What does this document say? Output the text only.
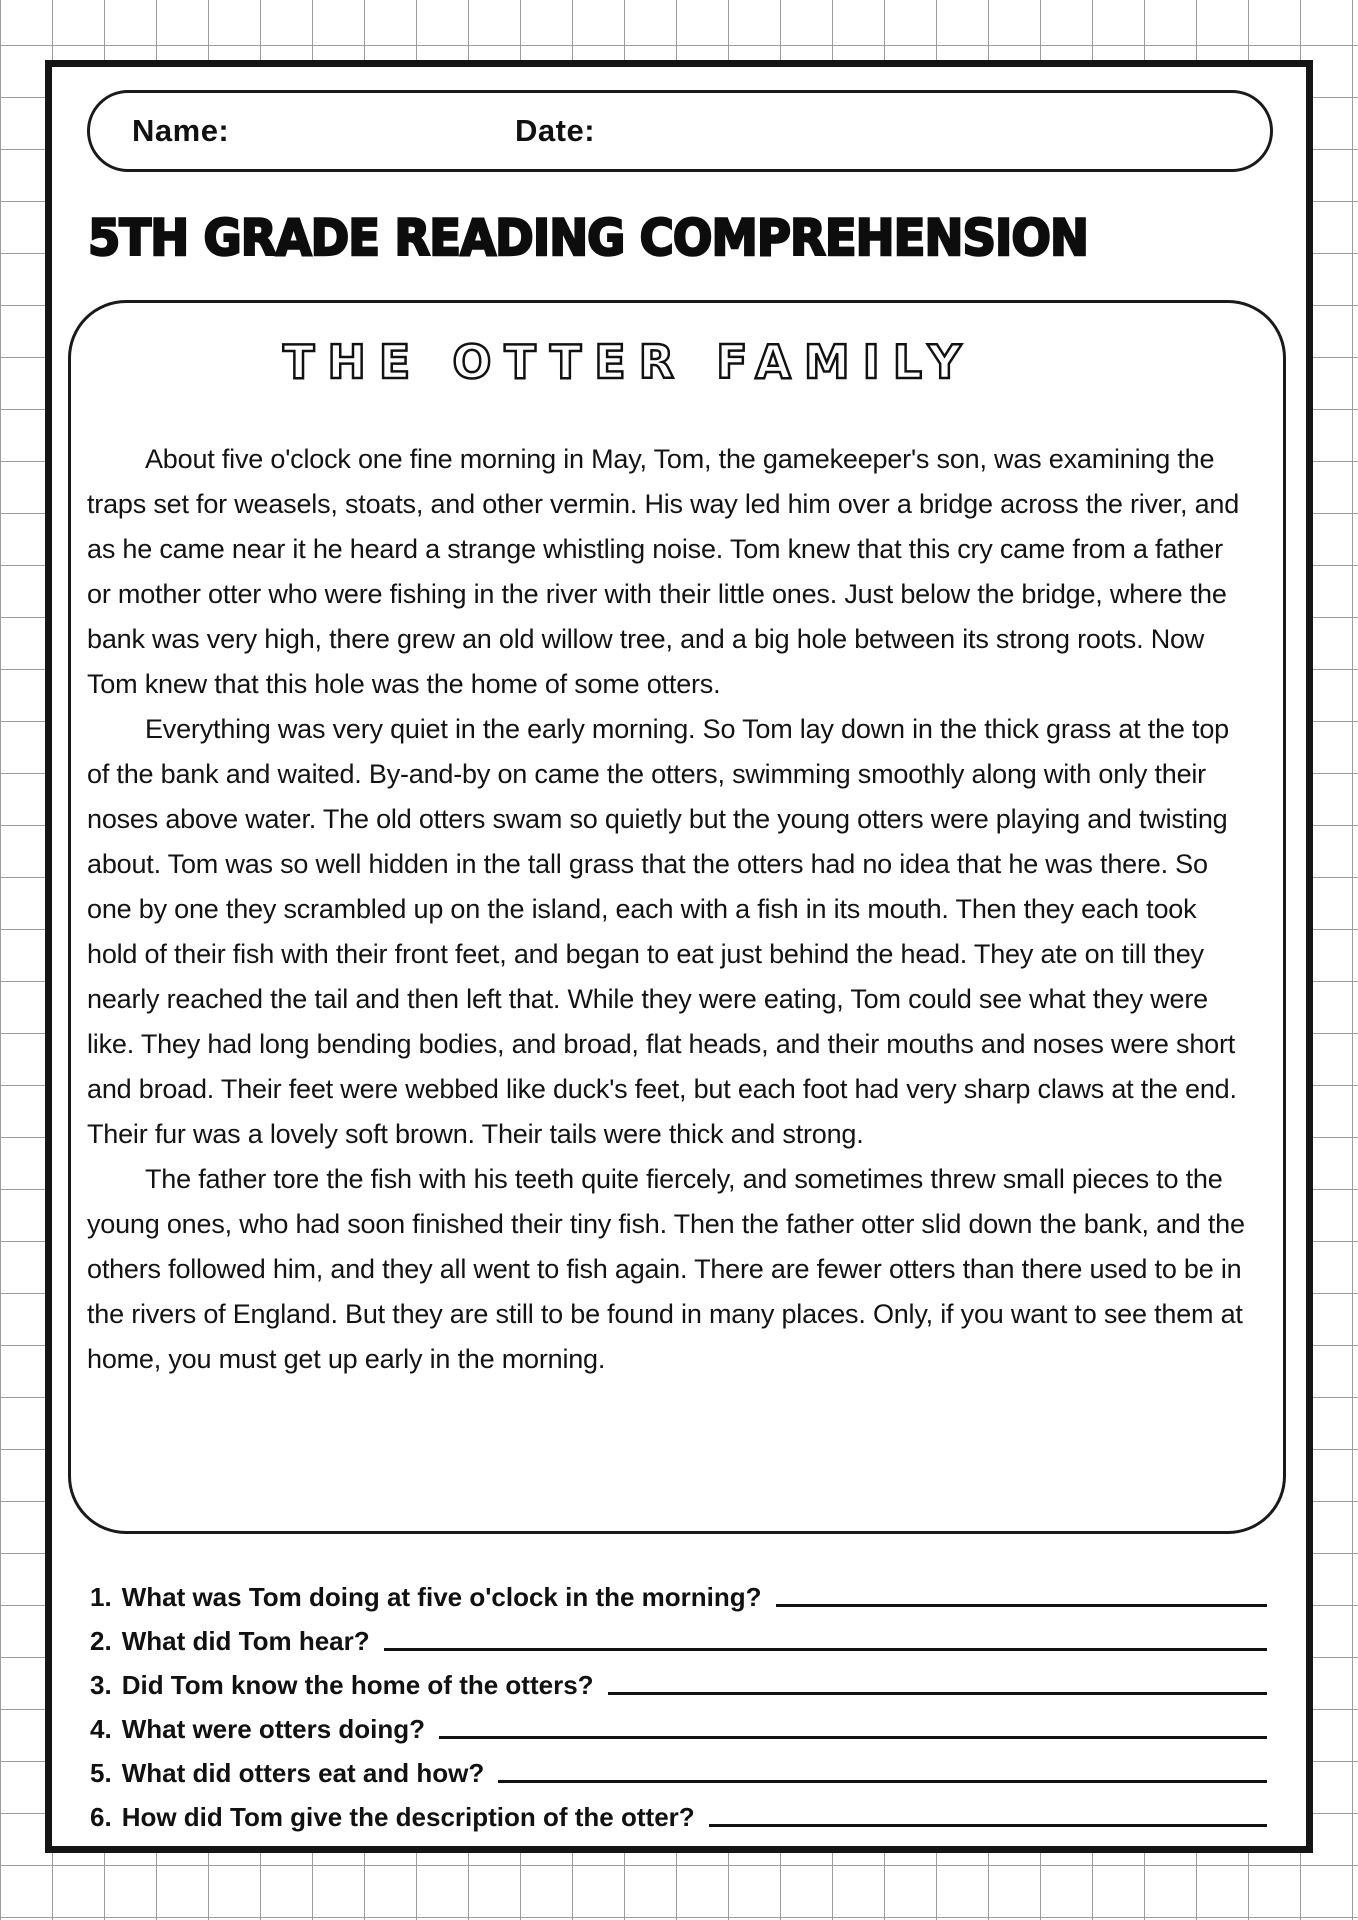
Name:	Date:
5TH GRADE READING COMPREHENSION
THE OTTER FAMILY

About five o'clock one fine morning in May, Tom, the gamekeeper's son, was examining the traps set for weasels, stoats, and other vermin. His way led him over a bridge across the river, and as he came near it he heard a strange whistling noise. Tom knew that this cry came from a father or mother otter who were fishing in the river with their little ones. Just below the bridge, where the bank was very high, there grew an old willow tree, and a big hole between its strong roots. Now Tom knew that this hole was the home of some otters.

Everything was very quiet in the early morning. So Tom lay down in the thick grass at the top of the bank and waited. By-and-by on came the otters, swimming smoothly along with only their noses above water. The old otters swam so quietly but the young otters were playing and twisting about. Tom was so well hidden in the tall grass that the otters had no idea that he was there. So one by one they scrambled up on the island, each with a fish in its mouth. Then they each took hold of their fish with their front feet, and began to eat just behind the head. They ate on till they nearly reached the tail and then left that. While they were eating, Tom could see what they were like. They had long bending bodies, and broad, flat heads, and their mouths and noses were short and broad. Their feet were webbed like duck's feet, but each foot had very sharp claws at the end. Their fur was a lovely soft brown. Their tails were thick and strong.

The father tore the fish with his teeth quite fiercely, and sometimes threw small pieces to the young ones, who had soon finished their tiny fish. Then the father otter slid down the bank, and the others followed him, and they all went to fish again. There are fewer otters than there used to be in the rivers of England. But they are still to be found in many places. Only, if you want to see them at home, you must get up early in the morning.

1. What was Tom doing at five o'clock in the morning?
2. What did Tom hear?
3. Did Tom know the home of the otters?
4. What were otters doing?
5. What did otters eat and how?
6. How did Tom give the description of the otter?
